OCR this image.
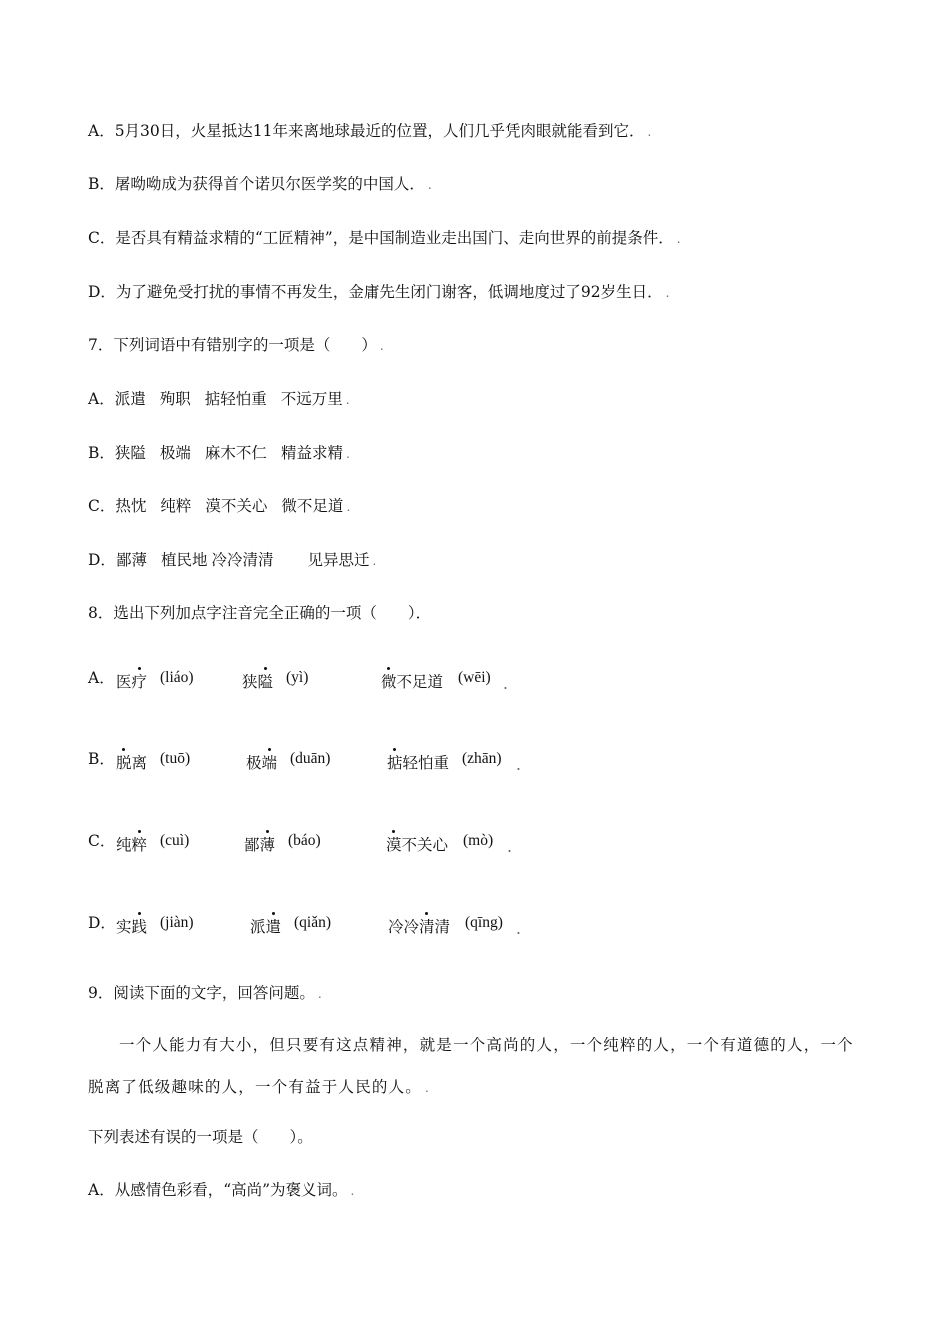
A．5月30日，火星抵达11年来离地球最近的位置，人们几乎凭肉眼就能看到它． .
B．屠呦呦成为获得首个诺贝尔医学奖的中国人． .
C．是否具有精益求精的“工匠精神”，是中国制造业走出国门、走向世界的前提条件． .
D．为了避免受打扰的事情不再发生，金庸先生闭门谢客，低调地度过了92岁生日． .
7．下列词语中有错别字的一项是（　　） .
A．派遣 殉职 掂轻怕重 不远万里 .
B．狭隘 极端 麻木不仁 精益求精 .
C．热忱 纯粹 漠不关心 微不足道 .
D．鄙薄 植民地 冷冷清清 见异思迁 .
8．选出下列加点字注音完全正确的一项（　　）．
A． 医疗 (liáo)	狭隘 (yì)	微不足道 (wēi) .
B． 脱离 (tuō)	极端 (duān)	掂轻怕重 (zhān) .
C． 纯粹 (cuì)	鄙薄 (báo)	漠不关心 (mò) .
D． 实践 (jiàn)	派遣 (qiǎn)	冷冷清清 (qīng) .
9．阅读下面的文字，回答问题。 .
一个人能力有大小，但只要有这点精神，就是一个高尚的人，一个纯粹的人，一个有道德的人，一个脱离了低级趣味的人，一个有益于人民的人。 .
下列表述有误的一项是（　　）。
A．从感情色彩看，“高尚”为褒义词。 .
